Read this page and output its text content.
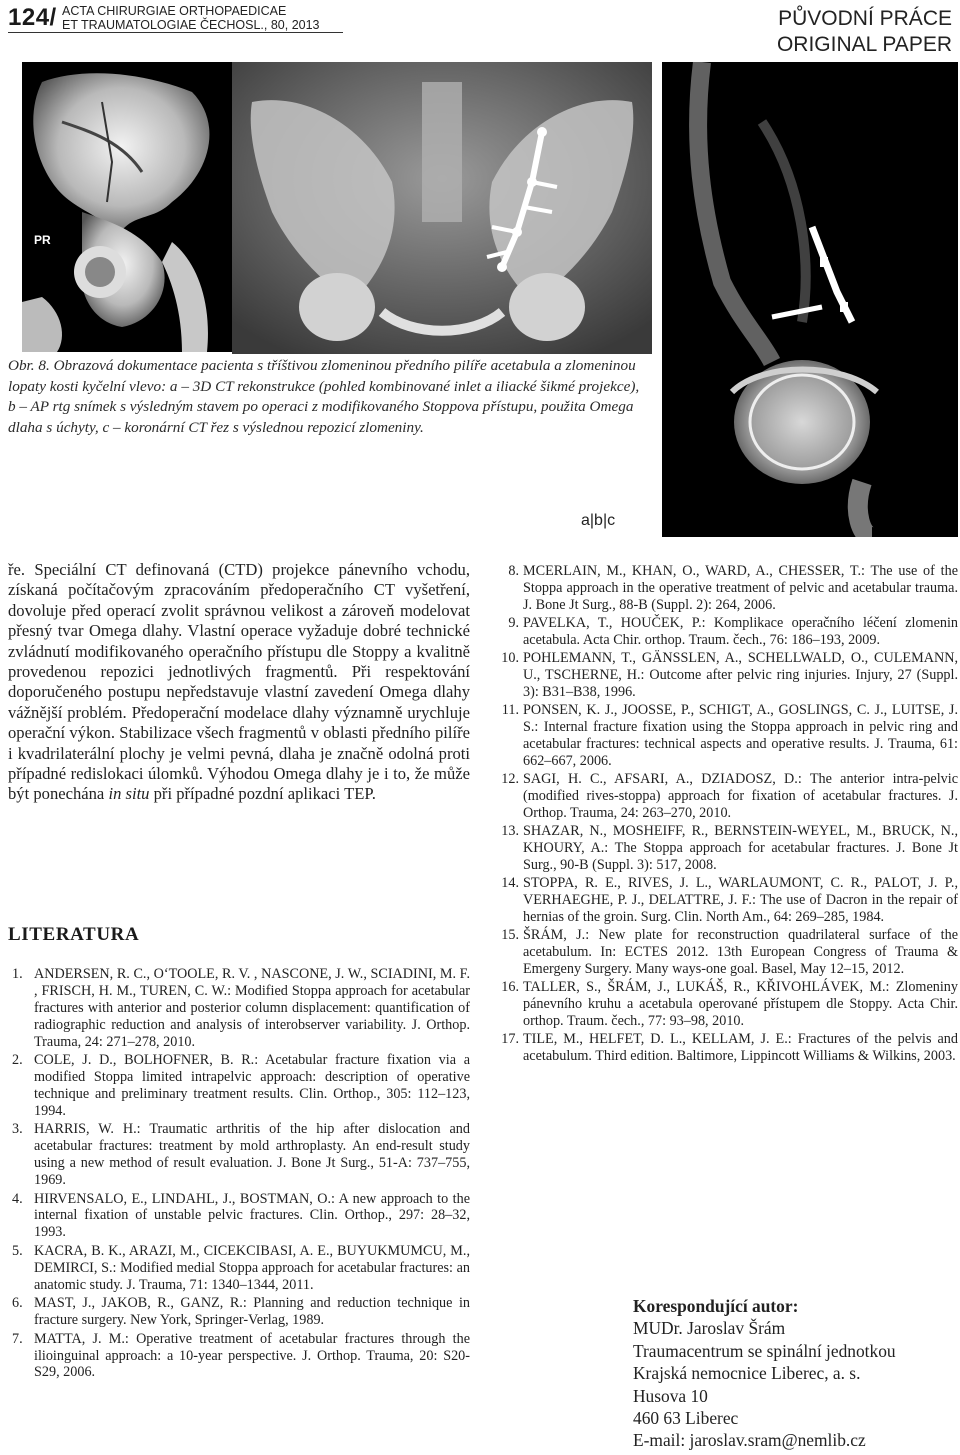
124/ ACTA CHIRURGIAE ORTHOPAEDICAE
ET TRAUMATOLOGIAE ČECHOSL., 80, 2013	PŮVODNÍ PRÁCE
ORIGINAL PAPER
PR
Obr. 8. Obrazová dokumentace pacienta s tříštivou zlomeninou předního pilíře acetabula a zlomeninou lopaty kosti kyčelní vlevo: a – 3D CT rekonstrukce (pohled kombinované inlet a iliacké šikmé projekce), b – AP rtg snímek s výsledným stavem po operaci z modifikovaného Stoppova přístupu, použita Omega dlaha s úchyty, c – koronární CT řez s výslednou repozicí zlomeniny.
a|b|c
ře. Speciální CT definovaná (CTD) projekce pánevního vchodu, získaná počítačovým zpracováním předoperačního CT vyšetření, dovoluje před operací zvolit správnou velikost a zároveň modelovat přesný tvar Omega dlahy. Vlastní operace vyžaduje dobré technické zvládnutí modifikovaného operačního přístupu dle Stoppy a kvalitně provedenou repozici jednotlivých fragmentů. Při respektování doporučeného postupu nepředstavuje vlastní zavedení Omega dlahy vážnější problém. Předoperační modelace dlahy významně urychluje operační výkon. Stabilizace všech fragmentů v oblasti předního pilíře i kvadrilaterální plochy je velmi pevná, dlaha je značně odolná proti případné redislokaci úlomků. Výhodou Omega dlahy je i to, že může být ponechána in situ při případné pozdní aplikaci TEP.
LITERATURA
1 .	ANDERSEN, R. C., O‘TOOLE, R. V. , NASCONE, J. W., SCIADINI, M. F. , FRISCH, H. M., TUREN, C. W.: Modified Stoppa approach for acetabular fractures with anterior and posterior column displacement: quantification of radiographic reduction and analysis of interobserver variability. J. Orthop. Trauma, 24: 271–278, 2010.
2 .	COLE, J. D., BOLHOFNER, B. R.: Acetabular fracture fixation via a modified Stoppa limited intrapelvic approach: description of operative technique and preliminary treatment results. Clin. Orthop., 305: 112–123, 1994.
3 .	HARRIS, W. H.: Traumatic arthritis of the hip after dislocation and acetabular fractures: treatment by mold arthroplasty. An end-result study using a new method of result evaluation. J. Bone Jt Surg., 51-A: 737–755, 1969.
4 .	HIRVENSALO, E., LINDAHL, J., BOSTMAN, O.: A new approach to the internal fixation of unstable pelvic fractures. Clin. Orthop., 297: 28–32, 1993.
5 .	KACRA, B. K., ARAZI, M., CICEKCIBASI, A. E., BUYUKMUMCU, M., DEMIRCI, S.: Modified medial Stoppa approach for acetabular fractures: an anatomic study. J. Trauma, 71: 1340–1344, 2011.
6 .	MAST, J., JAKOB, R., GANZ, R.: Planning and reduction technique in fracture surgery. New York, Springer-Verlag, 1989.
7 .	MATTA, J. M.: Operative treatment of acetabular fractures through the ilioinguinal approach: a 10-year perspective. J. Orthop. Trauma, 20: S20-S29, 2006.
8 . MCERLAIN, M., KHAN, O., WARD, A., CHESSER, T.: The use of the Stoppa approach in the operative treatment of pelvic and acetabular trauma. J. Bone Jt Surg., 88-B (Suppl. 2): 264, 2006.
9 . PAVELKA, T., HOUČEK, P.: Komplikace operačního léčení zlomenin acetabula. Acta Chir. orthop. Traum. čech., 76: 186–193, 2009.
10 . POHLEMANN, T., GÄNSSLEN, A., SCHELLWALD, O., CULEMANN, U., TSCHERNE, H.: Outcome after pelvic ring injuries. Injury, 27 (Suppl. 3): B31–B38, 1996.
11 . PONSEN, K. J., JOOSSE, P., SCHIGT, A., GOSLINGS, C. J., LUITSE, J. S.: Internal fracture fixation using the Stoppa approach in pelvic ring and acetabular fractures: technical aspects and operative results. J. Trauma, 61: 662–667, 2006.
12 . SAGI, H. C., AFSARI, A., DZIADOSZ, D.: The anterior intra-pelvic (modified rives-stoppa) approach for fixation of acetabular fractures. J. Orthop. Trauma, 24: 263–270, 2010.
13 . SHAZAR, N., MOSHEIFF, R., BERNSTEIN-WEYEL, M., BRUCK, N., KHOURY, A.: The Stoppa approach for acetabular fractures. J. Bone Jt Surg., 90-B (Suppl. 3): 517, 2008.
14 . STOPPA, R. E., RIVES, J. L., WARLAUMONT, C. R., PALOT, J. P., VERHAEGHE, P. J., DELATTRE, J. F.: The use of Dacron in the repair of hernias of the groin. Surg. Clin. North Am., 64: 269–285, 1984.
15 . ŠRÁM, J.: New plate for reconstruction quadrilateral surface of the acetabulum. In: ECTES 2012. 13th European Congress of Trauma & Emergeny Surgery. Many ways-one goal. Basel, May 12–15, 2012.
16 . TALLER, S., ŠRÁM, J., LUKÁŠ, R., KŘIVOHLÁVEK, M.: Zlomeniny pánevního kruhu a acetabula operované přístupem dle Stoppy. Acta Chir. orthop. Traum. čech., 77: 93–98, 2010.
17 . TILE, M., HELFET, D. L., KELLAM, J. E.: Fractures of the pelvis and acetabulum. Third edition. Baltimore, Lippincott Williams & Wilkins, 2003.
Korespondující autor:
MUDr. Jaroslav Šrám
Traumacentrum se spinální jednotkou
Krajská nemocnice Liberec, a. s.
Husova 10
460 63 Liberec
E-mail: jaroslav.sram@nemlib.cz
